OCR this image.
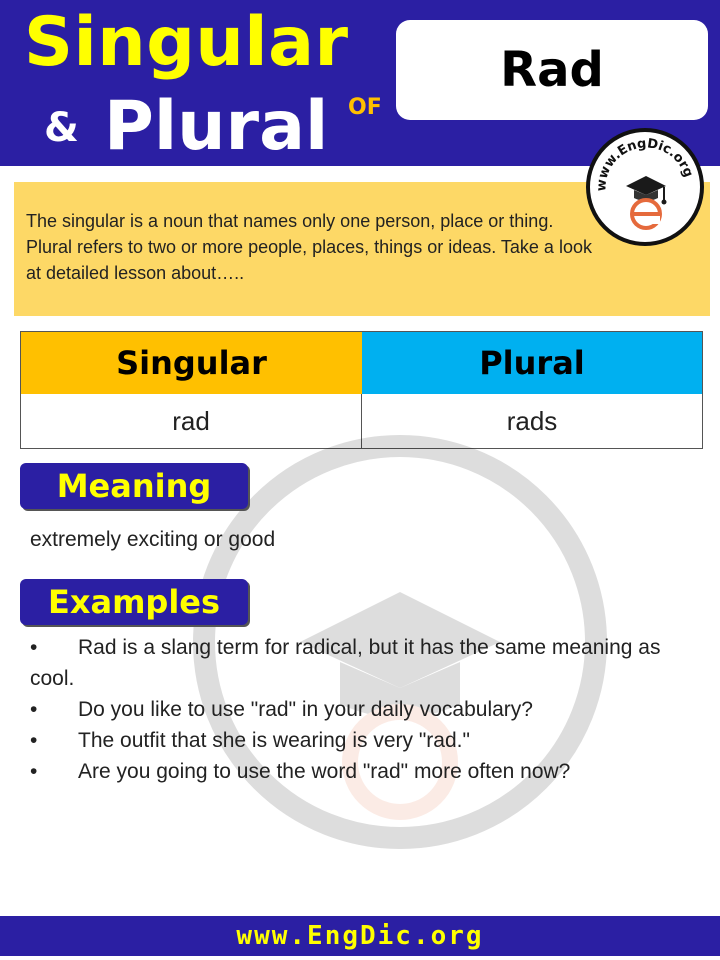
Singular
& Plural OF
Rad
www.EngDic.org

The singular is a noun that names only one person, place or thing. Plural refers to two or more people, places, things or ideas. Take a look at detailed lesson about…..

Singular	Plural
rad	rads
Meaning
extremely exciting or good
Examples
• Rad is a slang term for radical, but it has the same meaning as cool.
• Do you like to use "rad" in your daily vocabulary?
• The outfit that she is wearing is very "rad."
• Are you going to use the word "rad" more often now?
www.EngDic.org
